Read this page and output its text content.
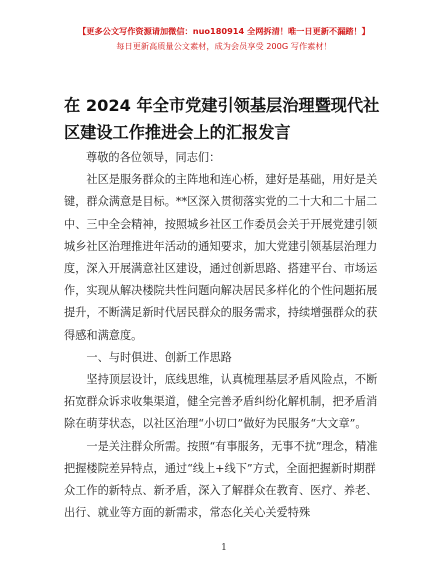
【更多公文写作资源请加微信：nuo180914 全网拆清！唯一日更新不漏踏！】
每日更新高质量公文素材，成为会员享受 200G 写作素材！
在 2024 年全市党建引领基层治理暨现代社区建设工作推进会上的汇报发言

尊敬的各位领导，同志们：

社区是服务群众的主阵地和连心桥，建好是基础，用好是关键，群众满意是目标。**区深入贯彻落实党的二十大和二十届二中、三中全会精神，按照城乡社区工作委员会关于开展党建引领城乡社区治理推进年活动的通知要求，加大党建引领基层治理力度，深入开展满意社区建设，通过创新思路、搭建平台、市场运作，实现从解决楼院共性问题向解决居民多样化的个性问题拓展提升，不断满足新时代居民群众的服务需求，持续增强群众的获得感和满意度。

一、与时俱进、创新工作思路

坚持顶层设计，底线思维，认真梳理基层矛盾风险点，不断拓宽群众诉求收集渠道，健全完善矛盾纠纷化解机制，把矛盾消除在萌芽状态，以社区治理“小切口”做好为民服务“大文章”。

一是关注群众所需。按照“有事服务，无事不扰”理念，精准把握楼院差异特点，通过“线上+线下”方式，全面把握新时期群众工作的新特点、新矛盾，深入了解群众在教育、医疗、养老、出行、就业等方面的新需求，常态化关心关爱特殊

1
